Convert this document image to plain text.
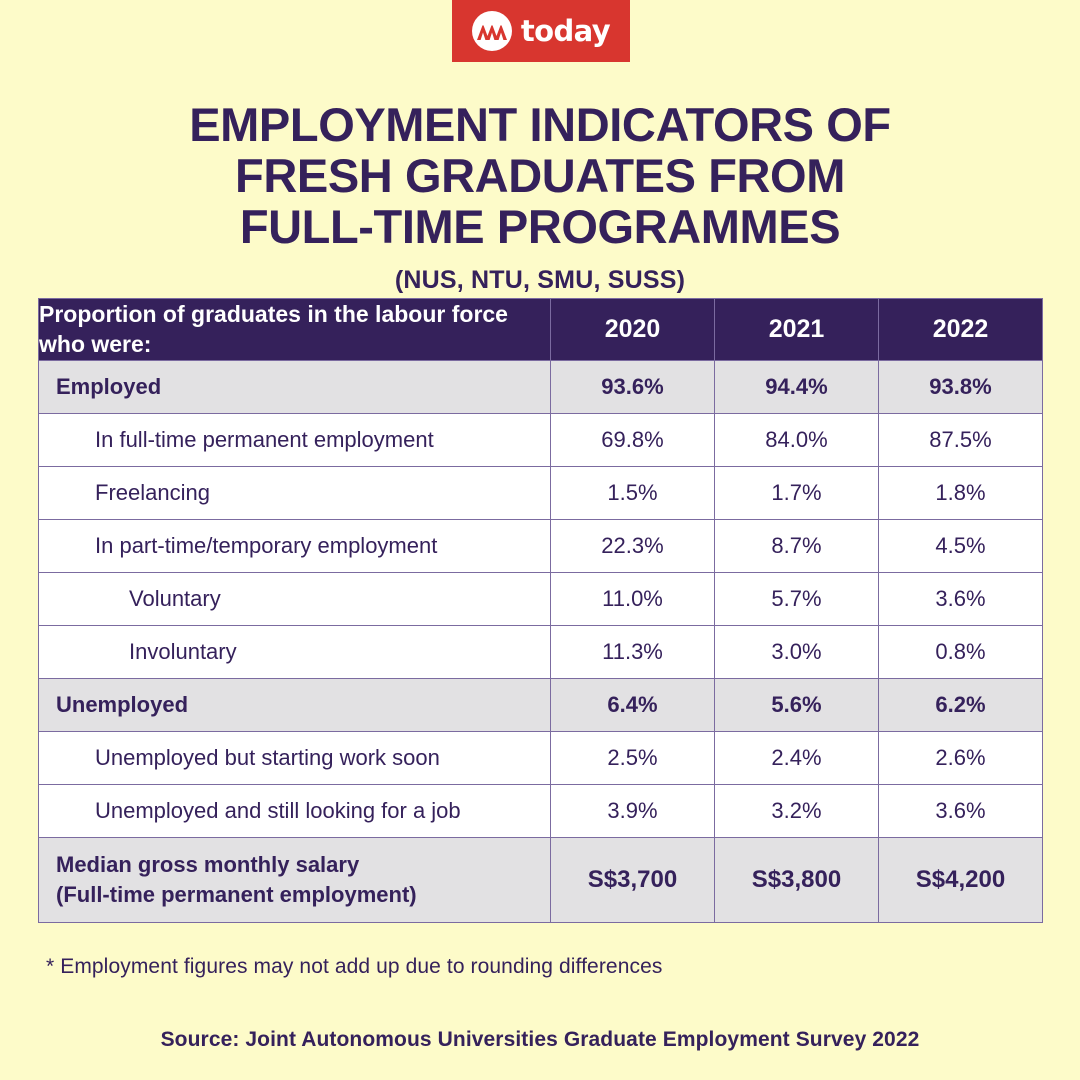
today
EMPLOYMENT INDICATORS OF
FRESH GRADUATES FROM
FULL-TIME PROGRAMMES

(NUS, NTU, SMU, SUSS)

Proportion of graduates in the labour force who were:	2020	2021	2022
Employed	93.6%	94.4%	93.8%
In full-time permanent employment	69.8%	84.0%	87.5%
Freelancing	1.5%	1.7%	1.8%
In part-time/temporary employment	22.3%	8.7%	4.5%
Voluntary	11.0%	5.7%	3.6%
Involuntary	11.3%	3.0%	0.8%
Unemployed	6.4%	5.6%	6.2%
Unemployed but starting work soon	2.5%	2.4%	2.6%
Unemployed and still looking for a job	3.9%	3.2%	3.6%
Median gross monthly salary
(Full-time permanent employment)	S$3,700	S$3,800	S$4,200
* Employment figures may not add up due to rounding differences
Source: Joint Autonomous Universities Graduate Employment Survey 2022
